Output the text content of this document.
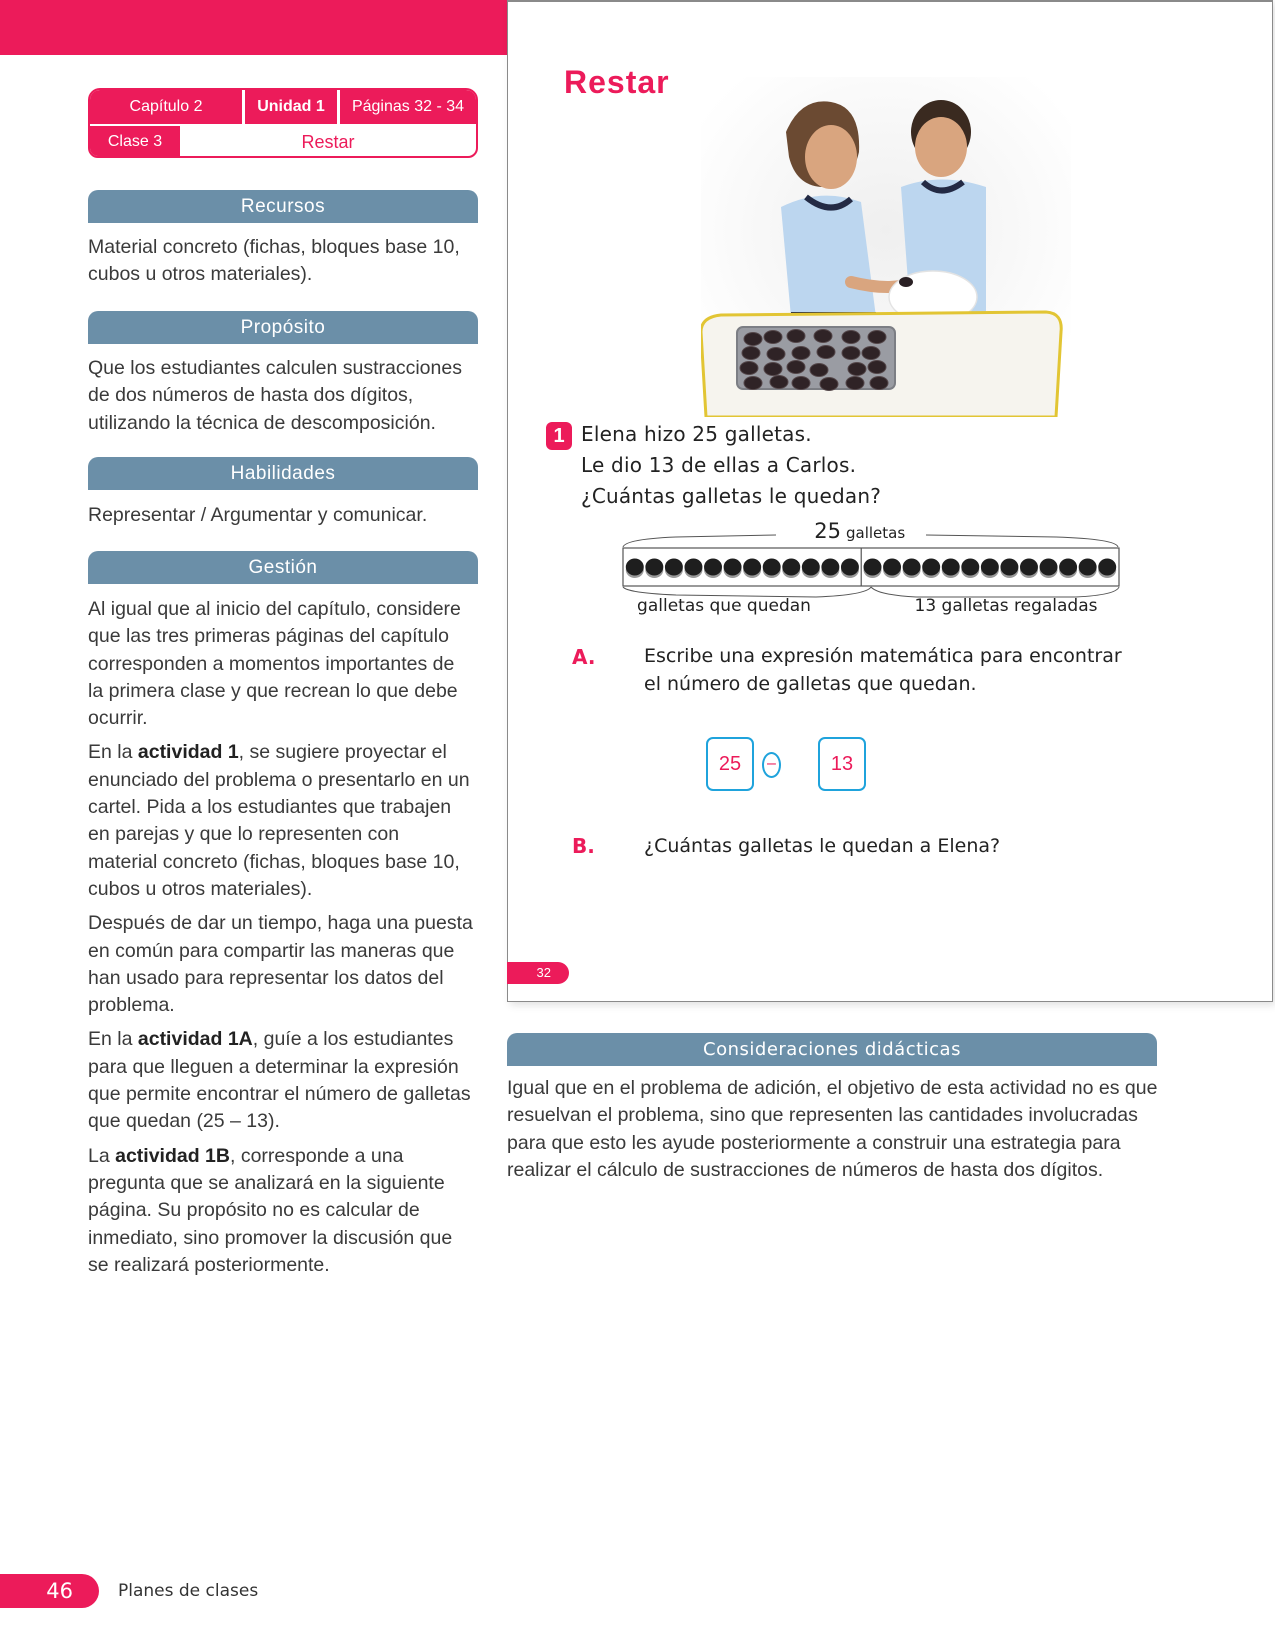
Capítulo 2	Unidad 1	Páginas 32 - 34
Clase 3	Restar
Recursos

Material concreto (fichas, bloques base 10, cubos u otros materiales).

Propósito

Que los estudiantes calculen sustracciones de dos números de hasta dos dígitos, utilizando la técnica de descomposición.

Habilidades

Representar / Argumentar y comunicar.

Gestión

Al igual que al inicio del capítulo, considere que las tres primeras páginas del capítulo corresponden a momentos importantes de la primera clase y que recrean lo que debe ocurrir.

En la actividad 1, se sugiere proyectar el enunciado del problema o presentarlo en un cartel. Pida a los estudiantes que trabajen en parejas y que lo representen con material concreto (fichas, bloques base 10, cubos u otros materiales).

Después de dar un tiempo, haga una puesta en común para compartir las maneras que han usado para representar los datos del problema.

En la actividad 1A, guíe a los estudiantes para que lleguen a determinar la expresión que permite encontrar el número de galletas que quedan (25 – 13).

La actividad 1B, corresponde a una pregunta que se analizará en la siguiente página. Su propósito no es calcular de inmediato, sino promover la discusión que se realizará posteriormente.

Restar
1 Elena hizo 25 galletas.
Le dio 13 de ellas a Carlos.
¿Cuántas galletas le quedan?
25 galletas
galletas que quedan	13 galletas regaladas
A.	Escribe una expresión matemática para encontrar
el número de galletas que quedan.
25	–	13
B.	¿Cuántas galletas le quedan a Elena?
32
Consideraciones didácticas

Igual que en el problema de adición, el objetivo de esta actividad no es que resuelvan el problema, sino que representen las cantidades involucradas para que esto les ayude posteriormente a construir una estrategia para realizar el cálculo de sustracciones de números de hasta dos dígitos.

46	Planes de clases
